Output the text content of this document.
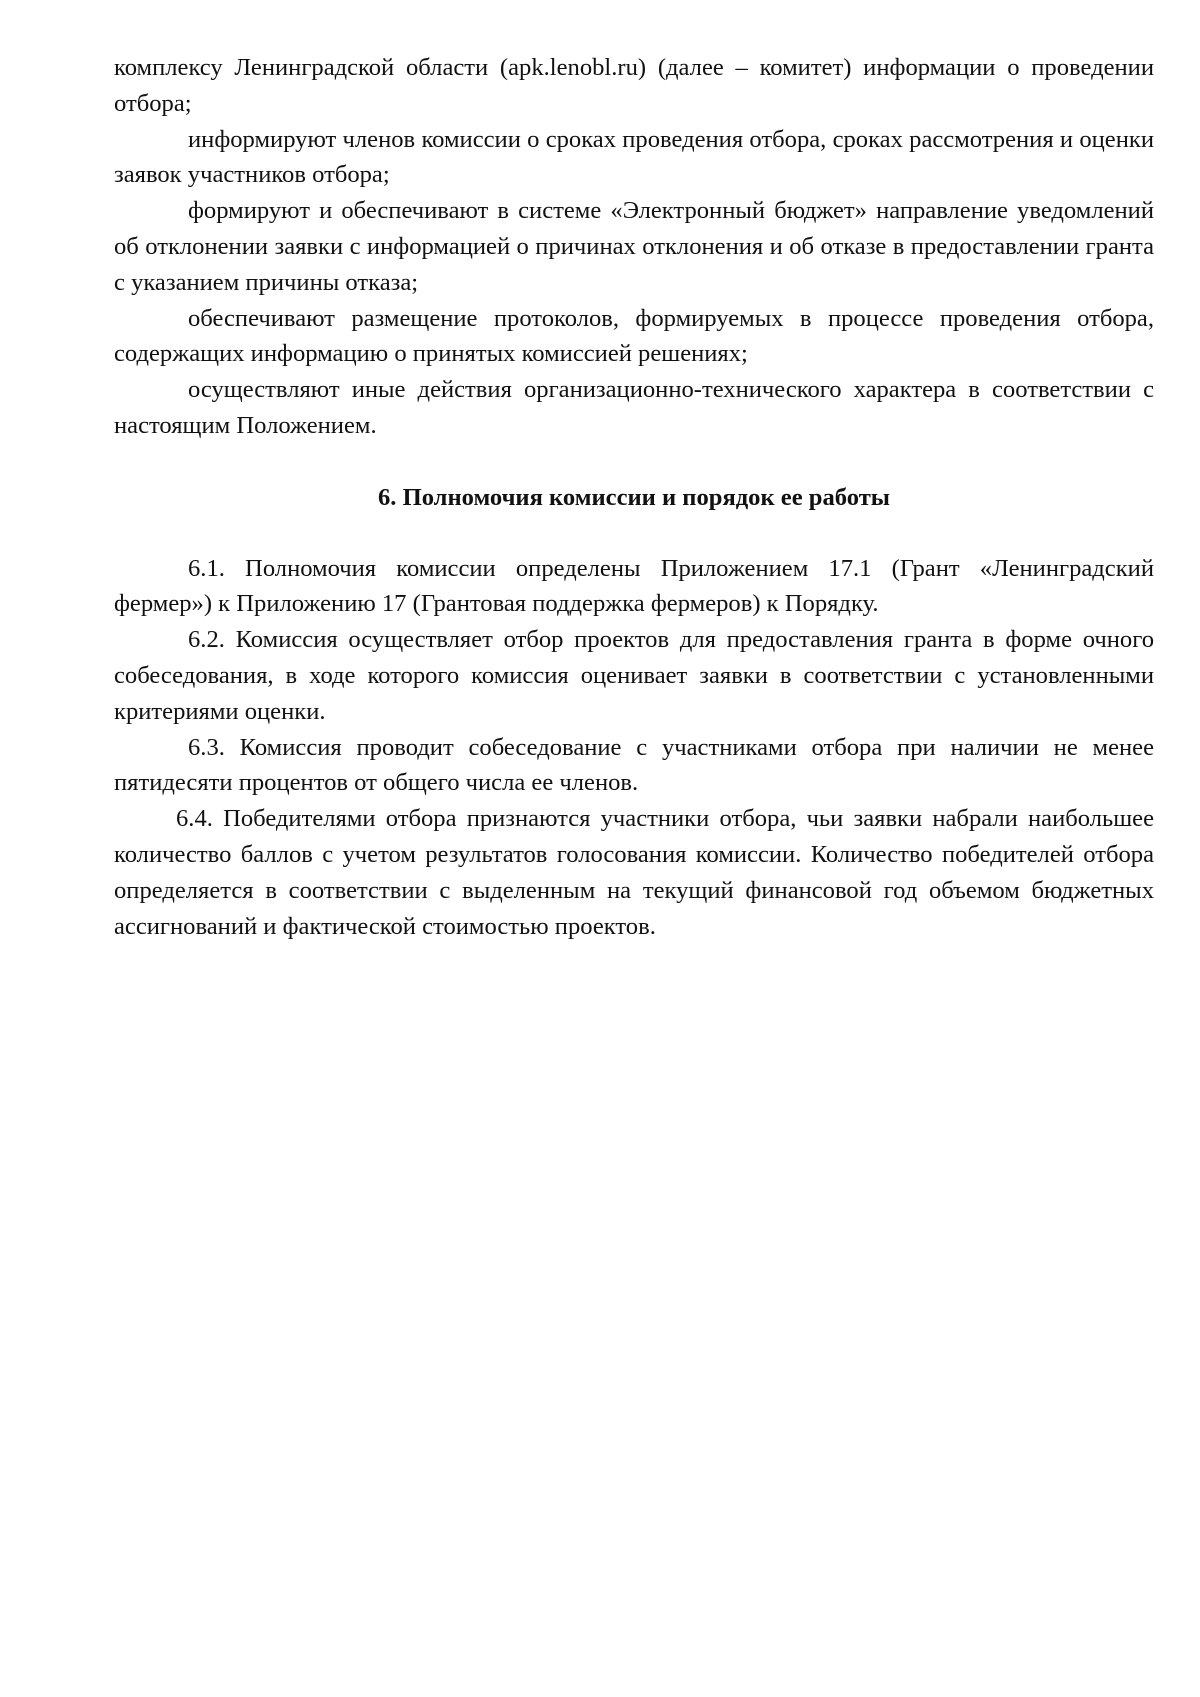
комплексу Ленинградской области (apk.lenobl.ru) (далее – комитет) информации о проведении отбора;

информируют членов комиссии о сроках проведения отбора, сроках рассмотрения и оценки заявок участников отбора;

формируют и обеспечивают в системе «Электронный бюджет» направление уведомлений об отклонении заявки с информацией о причинах отклонения и об отказе в предоставлении гранта с указанием причины отказа;

обеспечивают размещение протоколов, формируемых в процессе проведения отбора, содержащих информацию о принятых комиссией решениях;

осуществляют иные действия организационно-технического характера в соответствии с настоящим Положением.

6. Полномочия комиссии и порядок ее работы

6.1. Полномочия комиссии определены Приложением 17.1 (Грант «Ленинградский фермер») к Приложению 17 (Грантовая поддержка фермеров) к Порядку.

6.2. Комиссия осуществляет отбор проектов для предоставления гранта в форме очного собеседования, в ходе которого комиссия оценивает заявки в соответствии с установленными критериями оценки.

6.3. Комиссия проводит собеседование с участниками отбора при наличии не менее пятидесяти процентов от общего числа ее членов.

6.4. Победителями отбора признаются участники отбора, чьи заявки набрали наибольшее количество баллов с учетом результатов голосования комиссии. Количество победителей отбора определяется в соответствии с выделенным на текущий финансовой год объемом бюджетных ассигнований и фактической стоимостью проектов.
